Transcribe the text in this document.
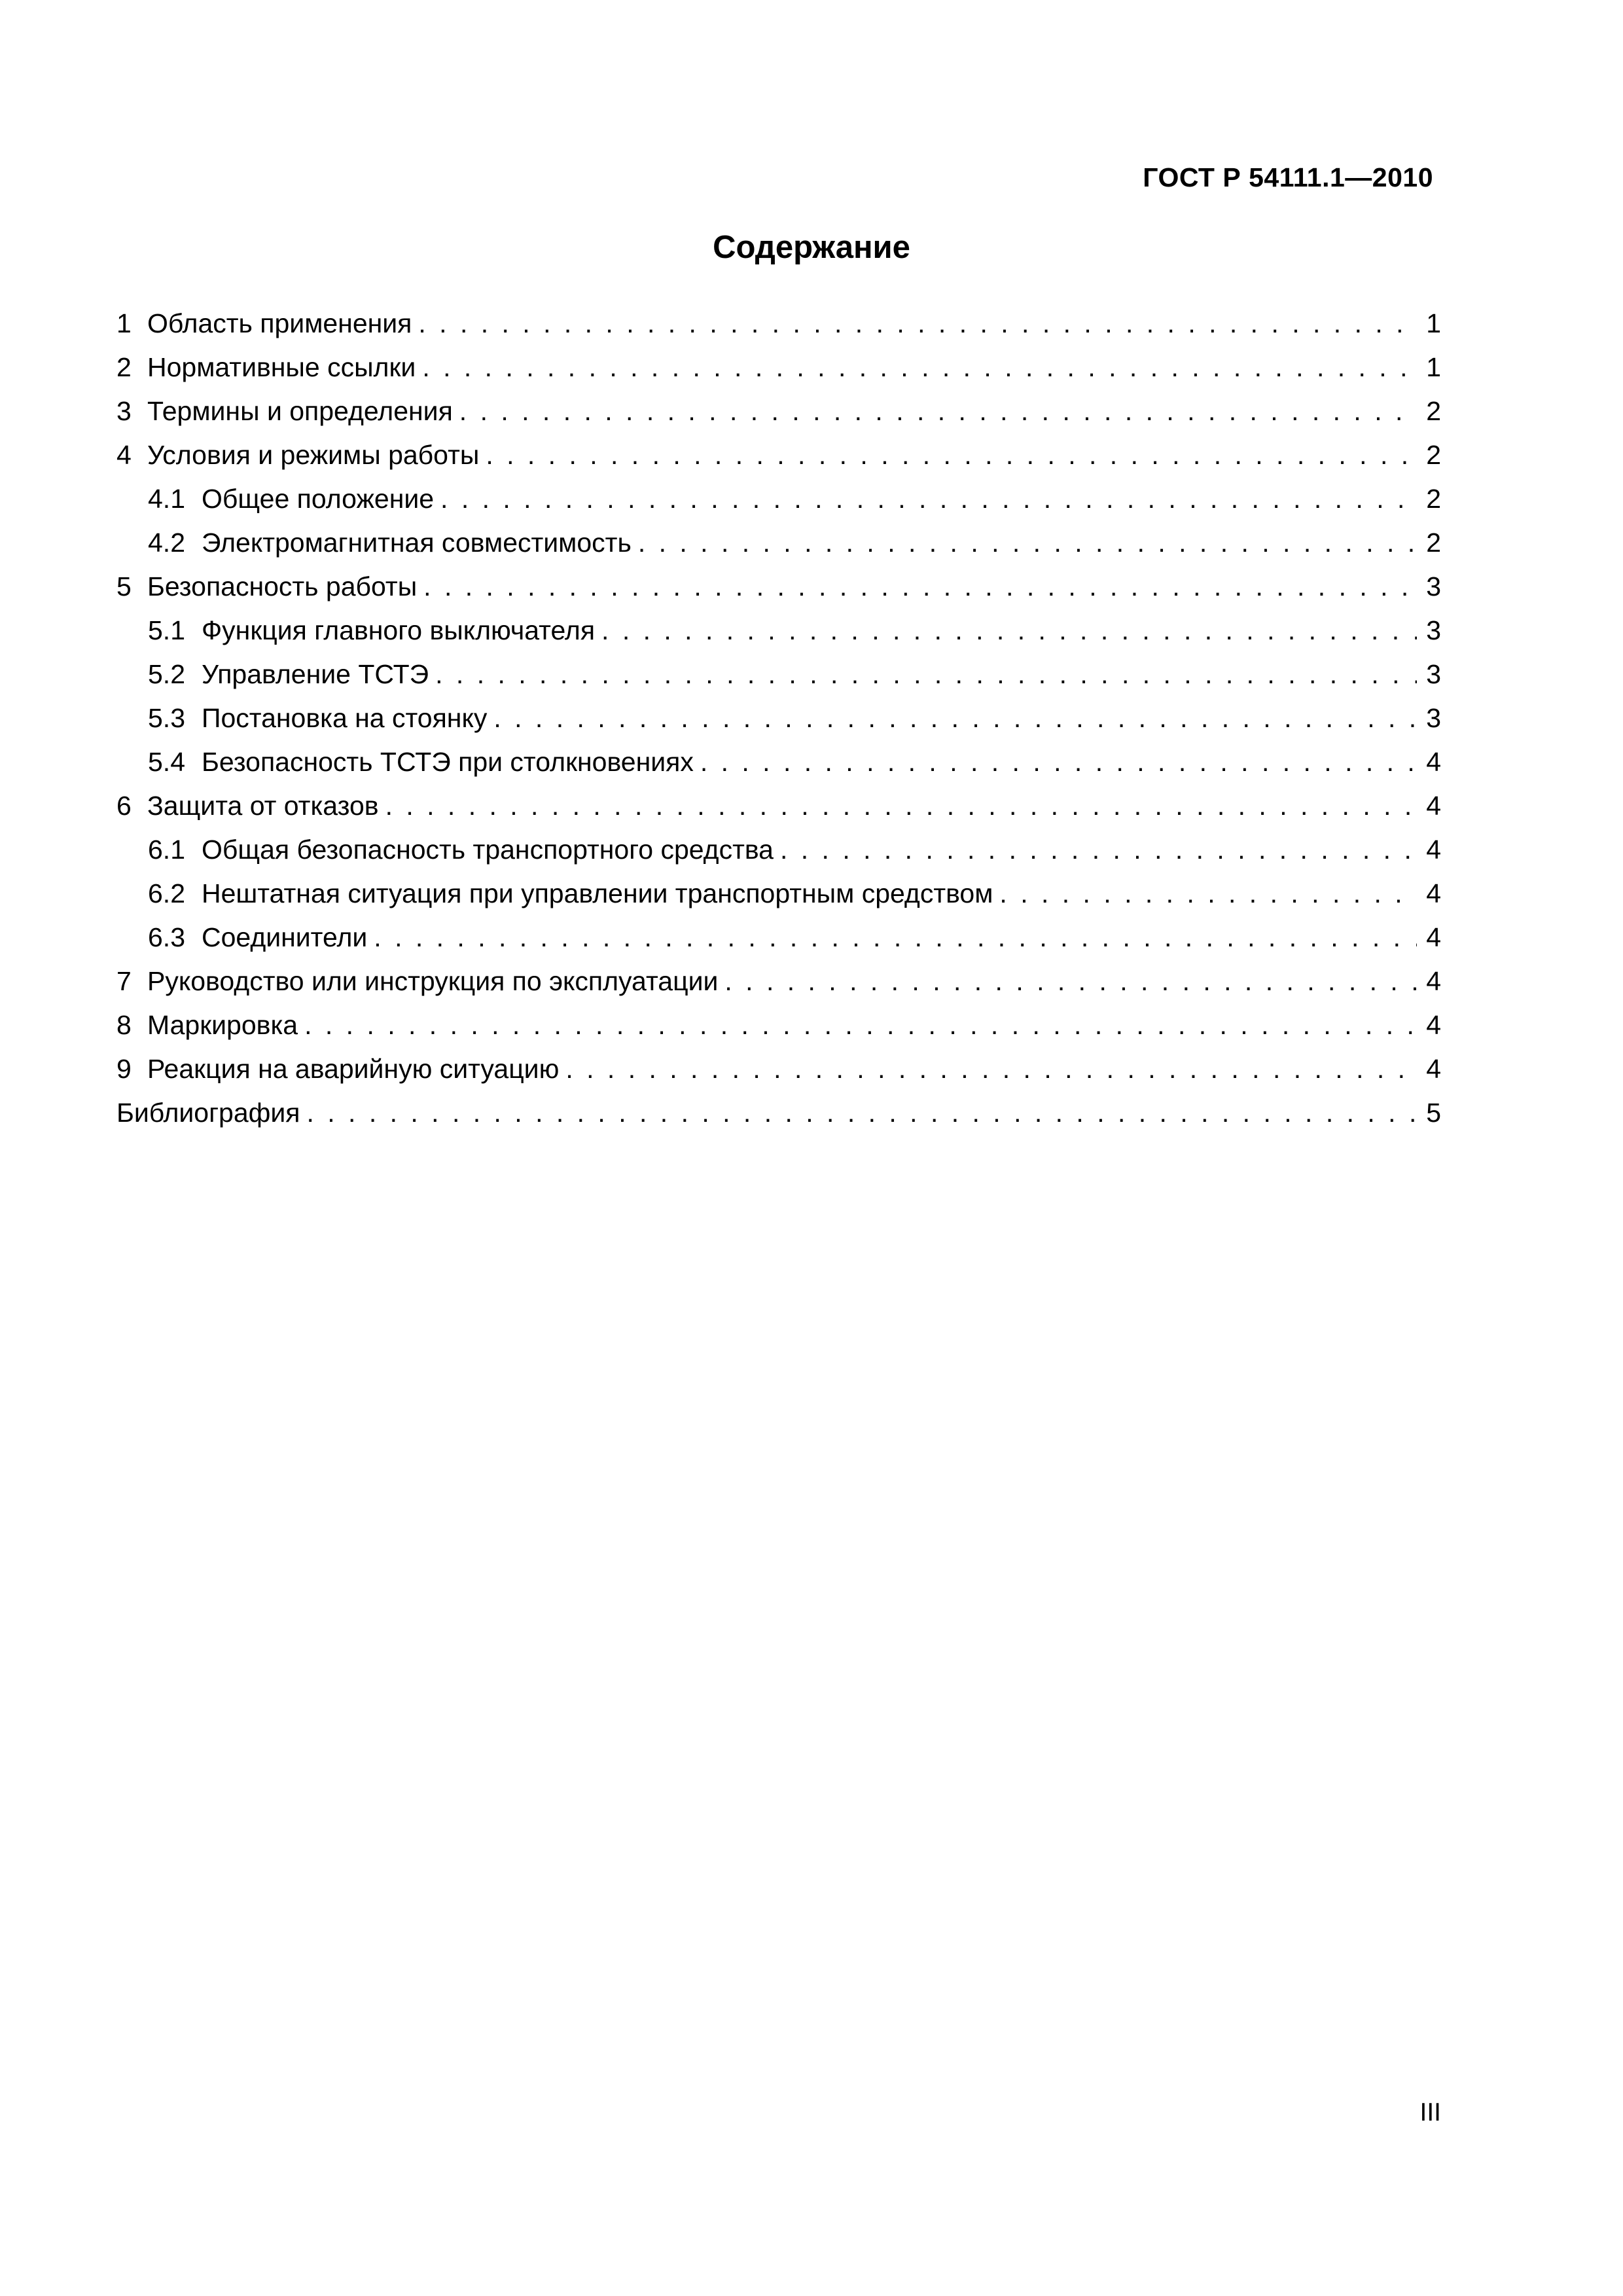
ГОСТ Р 54111.1—2010
Содержание
1 Область применения . . .	1
2 Нормативные ссылки . . .	1
3 Термины и определения . . .	2
4 Условия и режимы работы . . .	2
4.1 Общее положение . . .	2
4.2 Электромагнитная совместимость . . .	2
5 Безопасность работы . . .	3
5.1 Функция главного выключателя . . .	3
5.2 Управление ТСТЭ . . .	3
5.3 Постановка на стоянку . . .	3
5.4 Безопасность ТСТЭ при столкновениях . . .	4
6 Защита от отказов . . .	4
6.1 Общая безопасность транспортного средства . . .	4
6.2 Нештатная ситуация при управлении транспортным средством . . .	4
6.3 Соединители . . .	4
7 Руководство или инструкция по эксплуатации . . .	4
8 Маркировка . . .	4
9 Реакция на аварийную ситуацию . . .	4
Библиография . . .	5
III
